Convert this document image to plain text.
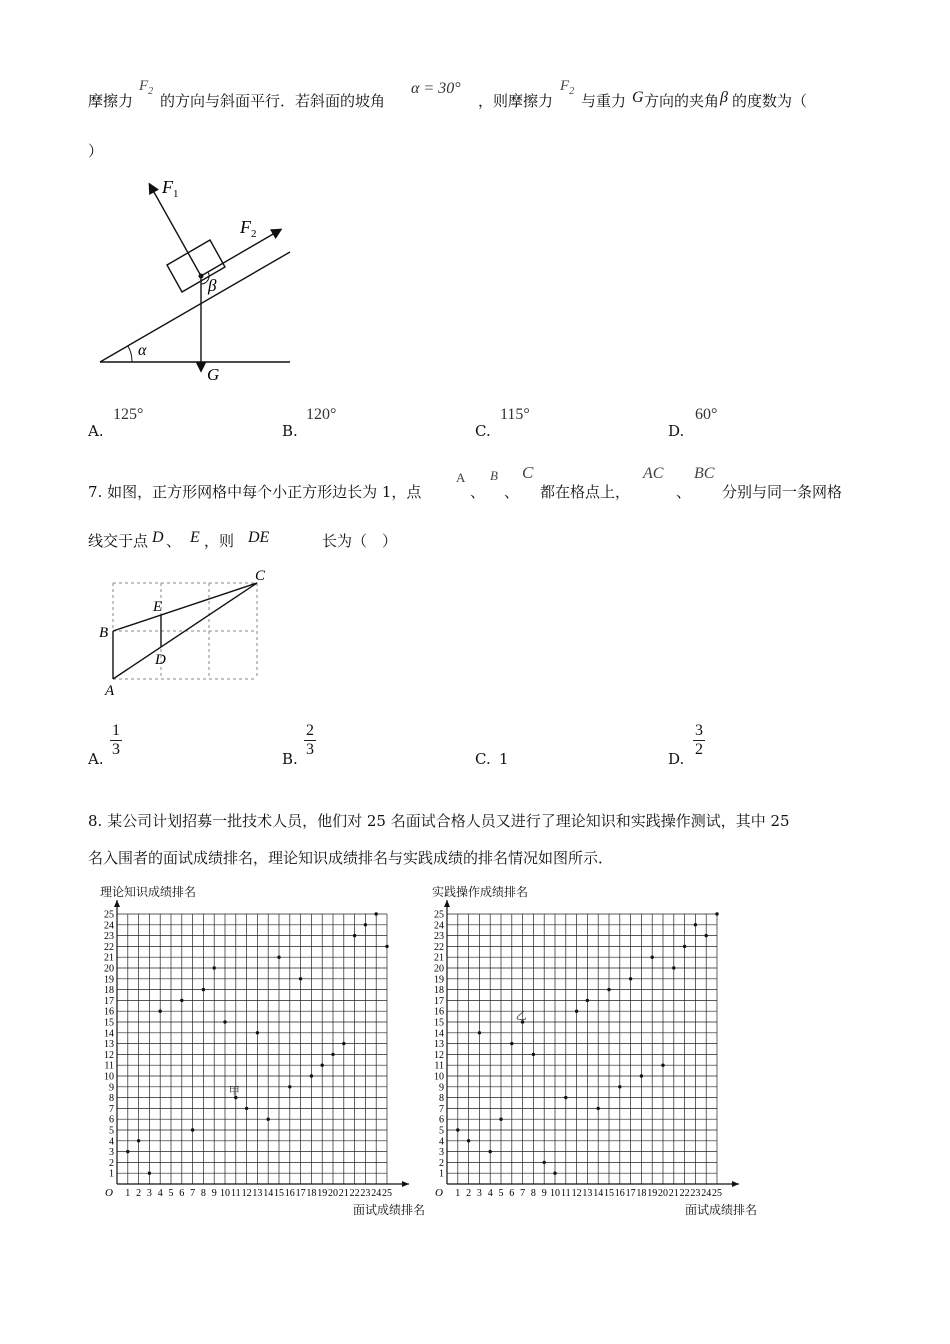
摩擦力
$F_2$
的方向与斜面平行．若斜面的坡角
α = 30°
，则摩擦力
$F_2$
与重力 G 方向的夹角 β 的度数为（
）
$F_1$
$F_2$
β
α
G
A.
125°
B.
120°
C.
115°
D.
60°
7. 如图，正方形网格中每个小正方形边长为 1，点
A
、
B
、
C
都在格点上，
AC
、
BC
分别与同一条网格
线交于点 D 、 E ，则 DE	长为（　）
C
E
B
D
A
A. $\frac{1}{3}$	B. $\frac{2}{3}$	C. 1	D. $\frac{3}{2}$
8. 某公司计划招募一批技术人员，他们对 25 名面试合格人员又进行了理论知识和实践操作测试，其中 25
名入围者的面试成绩排名，理论知识成绩排名与实践成绩的排名情况如图所示．
理论知识成绩排名
O 1
1
2
2
3
3
4
4
5
5
6
6
7
7
8
8
9
9
10
10
11
11
12
12
13
13
14
14
15
15
16
16
17
17
18
18
19
19
20
20
21
21
22
22
23
23
24
24
25
25
甲
面试成绩排名
实践操作成绩排名
O 1
1
2
2
3
3
4
4
5
5
6
6
7
7
8
8
9
9
10
10
11
11
12
12
13
13
14
14
15
15
16
16
17
17
18
18
19
19
20
20
21
21
22
22
23
23
24
24
25
25
乙
面试成绩排名
